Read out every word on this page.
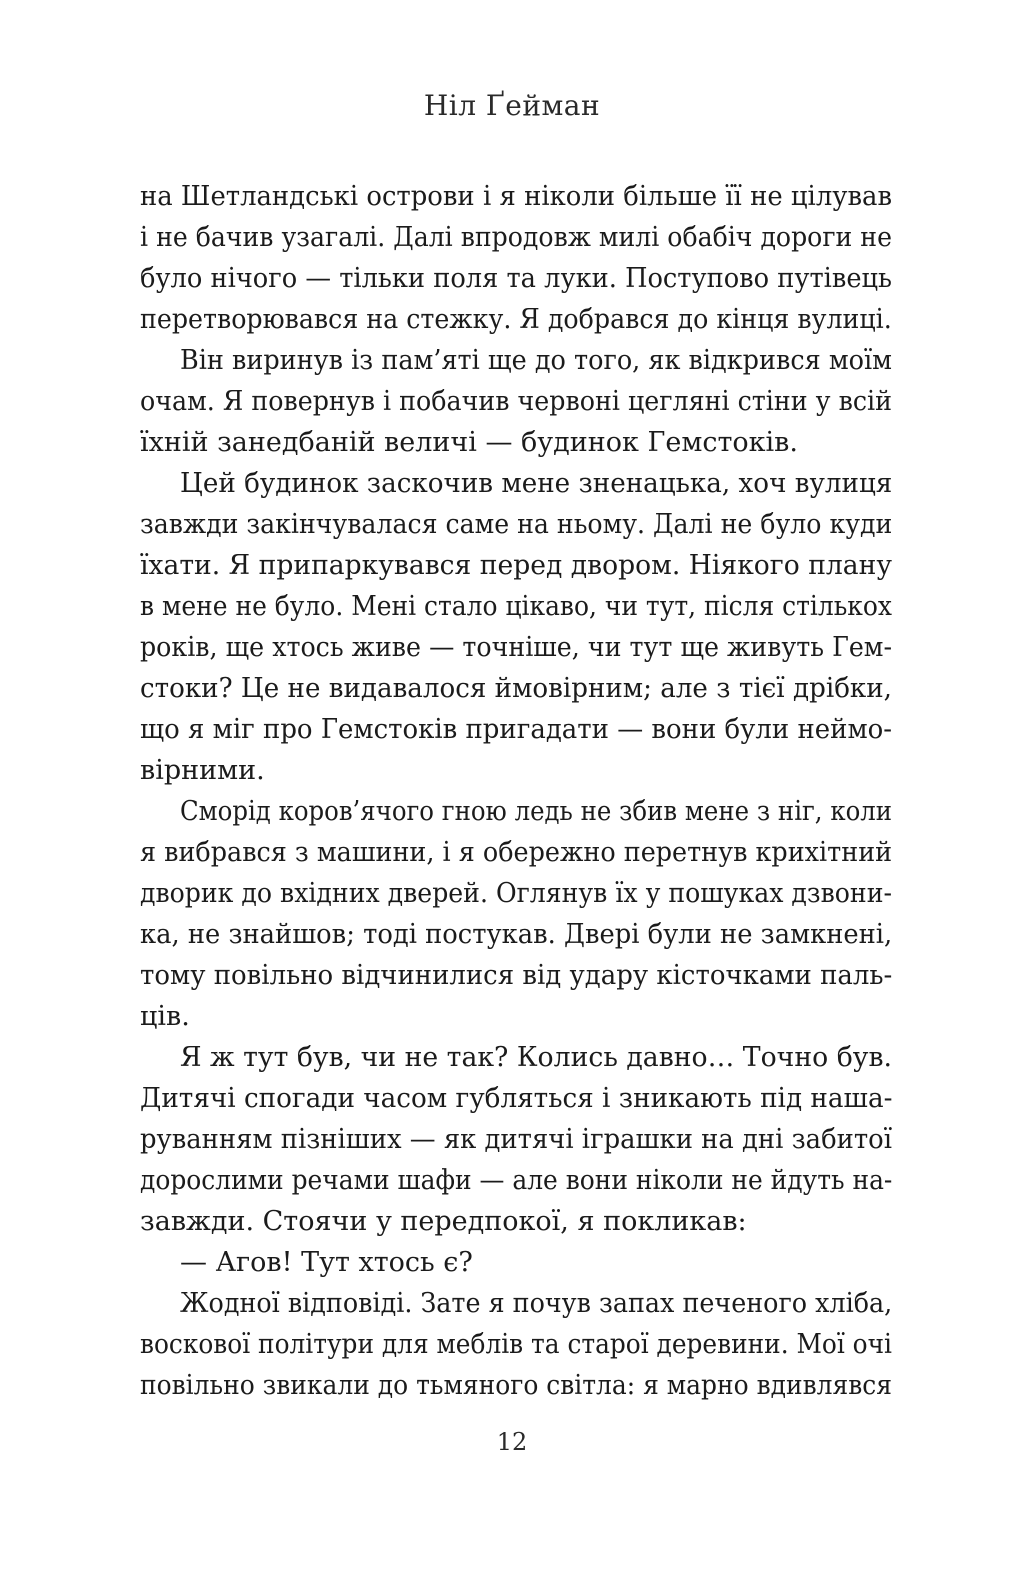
Ніл Ґейман
на Шетландські острови і я ніколи більше її не цілував
і не бачив узагалі. Далі впродовж милі обабіч дороги не
було нічого — тільки поля та луки. Поступово путівець
перетворювався на стежку. Я добрався до кінця вулиці.
Він виринув із пам’яті ще до того, як відкрився моїм
очам. Я повернув і побачив червоні цегляні стіни у всій
їхній занедбаній величі — будинок Гемстоків.
Цей будинок заскочив мене зненацька, хоч вулиця
завжди закінчувалася саме на ньому. Далі не було куди
їхати. Я припаркувався перед двором. Ніякого плану
в мене не було. Мені стало цікаво, чи тут, після стількох
років, ще хтось живе — точніше, чи тут ще живуть Гем-
стоки? Це не видавалося ймовірним; але з тієї дрібки,
що я міг про Гемстоків пригадати — вони були неймо-
вірними.
Сморід коров’ячого гною ледь не збив мене з ніг, коли
я вибрався з машини, і я обережно перетнув крихітний
дворик до вхідних дверей. Оглянув їх у пошуках дзвони-
ка, не знайшов; тоді постукав. Двері були не замкнені,
тому повільно відчинилися від удару кісточками паль-
ців.
Я ж тут був, чи не так? Колись давно… Точно був.
Дитячі спогади часом губляться і зникають під наша-
руванням пізніших — як дитячі іграшки на дні забитої
дорослими речами шафи — але вони ніколи не йдуть на-
завжди. Стоячи у передпокої, я покликав:
— Агов! Тут хтось є?
Жодної відповіді. Зате я почув запах печеного хліба,
воскової політури для меблів та старої деревини. Мої очі
повільно звикали до тьмяного світла: я марно вдивлявся
12
